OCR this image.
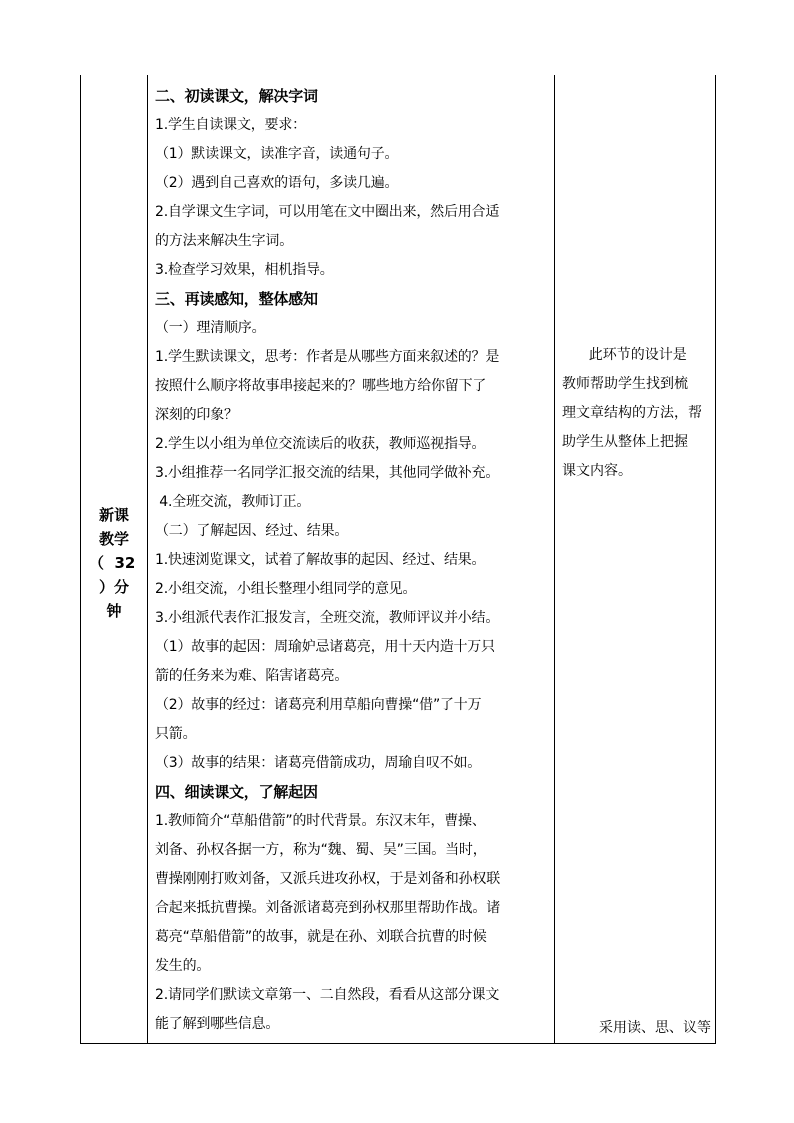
新课
教学
（  32
）分
钟
二、初读课文，解决字词
1.学生自读课文，要求：
（1）默读课文，读准字音，读通句子。
（2）遇到自己喜欢的语句，多读几遍。
2.自学课文生字词，可以用笔在文中圈出来，然后用合适
的方法来解决生字词。
3.检查学习效果，相机指导。
三、再读感知，整体感知
（一）理清顺序。
1.学生默读课文，思考：作者是从哪些方面来叙述的？是
按照什么顺序将故事串接起来的？哪些地方给你留下了
深刻的印象？
2.学生以小组为单位交流读后的收获，教师巡视指导。
3.小组推荐一名同学汇报交流的结果，其他同学做补充。
4.全班交流，教师订正。
（二）了解起因、经过、结果。
1.快速浏览课文，试着了解故事的起因、经过、结果。
2.小组交流，小组长整理小组同学的意见。
3.小组派代表作汇报发言，全班交流，教师评议并小结。
（1）故事的起因：周瑜妒忌诸葛亮，用十天内造十万只
箭的任务来为难、陷害诸葛亮。
（2）故事的经过：诸葛亮利用草船向曹操“借”了十万
只箭。
（3）故事的结果：诸葛亮借箭成功，周瑜自叹不如。
四、细读课文，了解起因
1.教师简介“草船借箭”的时代背景。东汉末年，曹操、
刘备、孙权各据一方，称为“魏、蜀、吴”三国。当时，
曹操刚刚打败刘备，又派兵进攻孙权，于是刘备和孙权联
合起来抵抗曹操。刘备派诸葛亮到孙权那里帮助作战。诸
葛亮“草船借箭”的故事，就是在孙、刘联合抗曹的时候
发生的。
2.请同学们默读文章第一、二自然段，看看从这部分课文
能了解到哪些信息。
此环节的设计是
教师帮助学生找到梳
理文章结构的方法，帮
助学生从整体上把握
课文内容。
采用读、思、议等
